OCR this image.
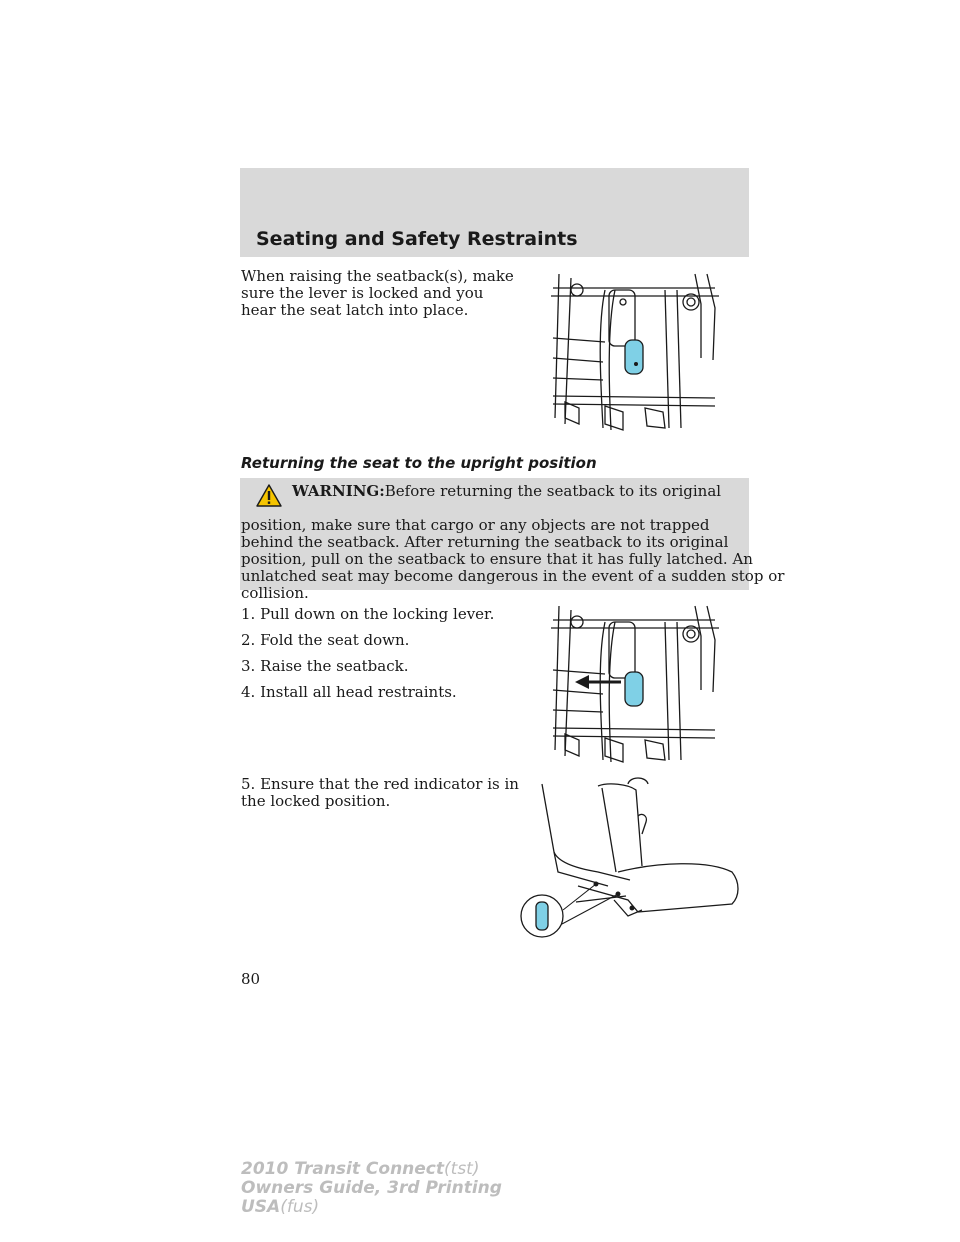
Seating and Safety Restraints
When raising the seatback(s), make
sure the lever is locked and you
hear the seat latch into place.
Returning the seat to the upright position
WARNING:Before returning the seatback to its original
position, make sure that cargo or any objects are not trapped
behind the seatback. After returning the seatback to its original
position, pull on the seatback to ensure that it has fully latched. An
unlatched seat may become dangerous in the event of a sudden stop or
collision.
1. Pull down on the locking lever.
2. Fold the seat down.
3. Raise the seatback.
4. Install all head restraints.
5. Ensure that the red indicator is in
the locked position.
80
2010 Transit Connect(tst)
Owners Guide, 3rd Printing
USA(fus)
